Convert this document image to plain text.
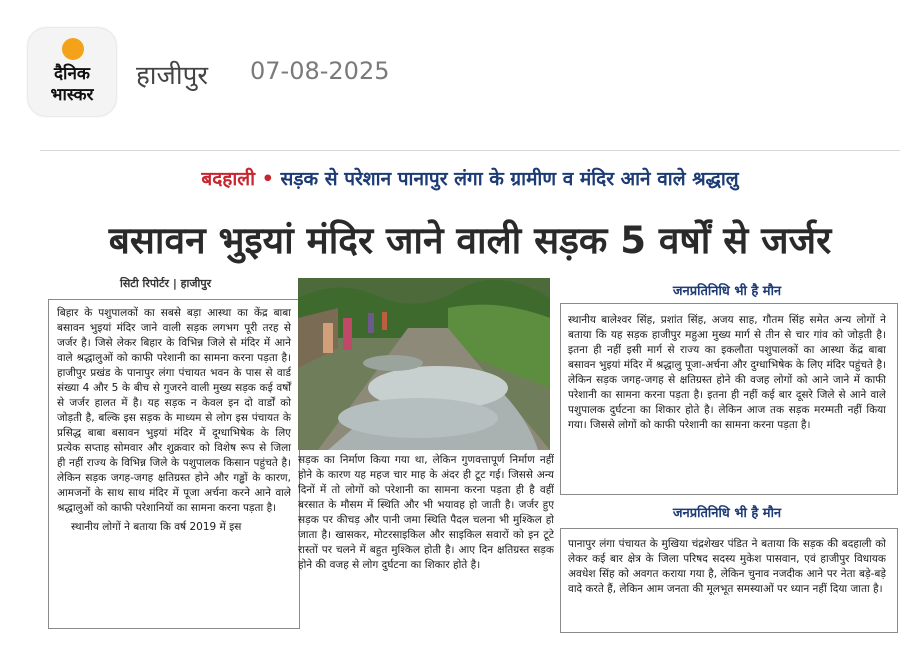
दैनिक
भास्कर
हाजीपुर 07-08-2025
बदहाली • सड़क से परेशान पानापुर लंगा के ग्रामीण व मंदिर आने वाले श्रद्धालु
बसावन भुइयां मंदिर जाने वाली सड़क 5 वर्षों से जर्जर
सिटी रिपोर्टर | हाजीपुर
बिहार के पशुपालकों का सबसे बड़ा आस्था का केंद्र बाबा बसावन भुइयां मंदिर जाने वाली सड़क लगभग पूरी तरह से जर्जर है। जिसे लेकर बिहार के विभिन्न जिले से मंदिर में आने वाले श्रद्धालुओं को काफी परेशानी का सामना करना पड़ता है। हाजीपुर प्रखंड के पानापुर लंगा पंचायत भवन के पास से वार्ड संख्या 4 और 5 के बीच से गुजरने वाली मुख्य सड़क कई वर्षों से जर्जर हालत में है। यह सड़क न केवल इन दो वार्डों को जोड़ती है, बल्कि इस सड़क के माध्यम से लोग इस पंचायत के प्रसिद्ध बाबा बसावन भुइयां मंदिर में दूग्धाभिषेक के लिए प्रत्येक सप्ताह सोमवार और शुक्रवार को विशेष रूप से जिला ही नहीं राज्य के विभिन्न जिले के पशुपालक किसान पहुंचते है। लेकिन सड़क जगह-जगह क्षतिग्रस्त होने और गड्ढों के कारण, आमजनों के साथ साथ मंदिर में पूजा अर्चना करने आने वाले श्रद्धालुओं को काफी परेशानियों का सामना करना पड़ता है।
स्थानीय लोगों ने बताया कि वर्ष 2019 में इस
सड़क का निर्माण किया गया था, लेकिन गुणवत्तापूर्ण निर्माण नहीं होने के कारण यह महज चार माह के अंदर ही टूट गई। जिससे अन्य दिनों में तो लोगों को परेशानी का सामना करना पड़ता ही है वहीं बरसात के मौसम में स्थिति और भी भयावह हो जाती है। जर्जर हुए सड़क पर कीचड़ और पानी जमा स्थिति पैदल चलना भी मुश्किल हो जाता है। खासकर, मोटरसाइकिल और साइकिल सवारों को इन टूटे रास्तों पर चलने में बहुत मुश्किल होती है। आए दिन क्षतिग्रस्त सड़क होने की वजह से लोग दुर्घटना का शिकार होते है।
जनप्रतिनिधि भी है मौन
स्थानीय बालेश्वर सिंह, प्रशांत सिंह, अजय साह, गौतम सिंह समेत अन्य लोगों ने बताया कि यह सड़क हाजीपुर महुआ मुख्य मार्ग से तीन से चार गांव को जोड़ती है। इतना ही नहीं इसी मार्ग से राज्य का इकलौता पशुपालकों का आस्था केंद्र बाबा बसावन भुइयां मंदिर में श्रद्धालु पूजा-अर्चना और दुग्धाभिषेक के लिए मंदिर पहुंचते है। लेकिन सड़क जगह-जगह से क्षतिग्रस्त होने की वजह लोगों को आने जाने में काफी परेशानी का सामना करना पड़ता है। इतना ही नहीं कई बार दूसरे जिले से आने वाले पशुपालक दुर्घटना का शिकार होते है। लेकिन आज तक सड़क मरम्मती नहीं किया गया। जिससे लोगों को काफी परेशानी का सामना करना पड़ता है।
जनप्रतिनिधि भी है मौन
पानापुर लंगा पंचायत के मुखिया चंद्रशेखर पंडित ने बताया कि सड़क की बदहाली को लेकर कई बार क्षेत्र के जिला परिषद सदस्य मुकेश पासवान, एवं हाजीपुर विधायक अवधेश सिंह को अवगत कराया गया है, लेकिन चुनाव नजदीक आने पर नेता बड़े-बड़े वादे करते हैं, लेकिन आम जनता की मूलभूत समस्याओं पर ध्यान नहीं दिया जाता है।
